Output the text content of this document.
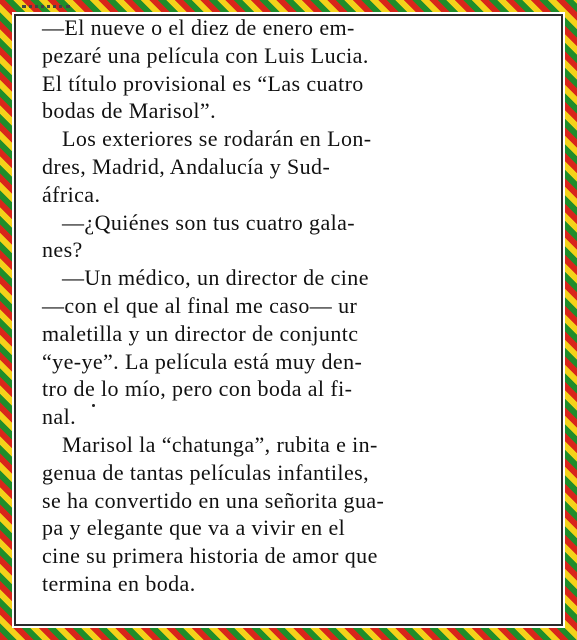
—El nueve o el diez de enero em-
pezaré una película con Luis Lucia.
El título provisional es “Las cuatro
bodas de Marisol”.
Los exteriores se rodarán en Lon-
dres, Madrid, Andalucía y Sud-
áfrica.
—¿Quiénes son tus cuatro gala-
nes?
—Un médico, un director de cine
—con el que al final me caso— ur
maletilla y un director de conjuntc
“ye-ye”. La película está muy den-
tro de lo mío, pero con boda al fi-
nal.
Marisol la “chatunga”, rubita e in-
genua de tantas películas infantiles,
se ha convertido en una señorita gua-
pa y elegante que va a vivir en el
cine su primera historia de amor que
termina en boda.
